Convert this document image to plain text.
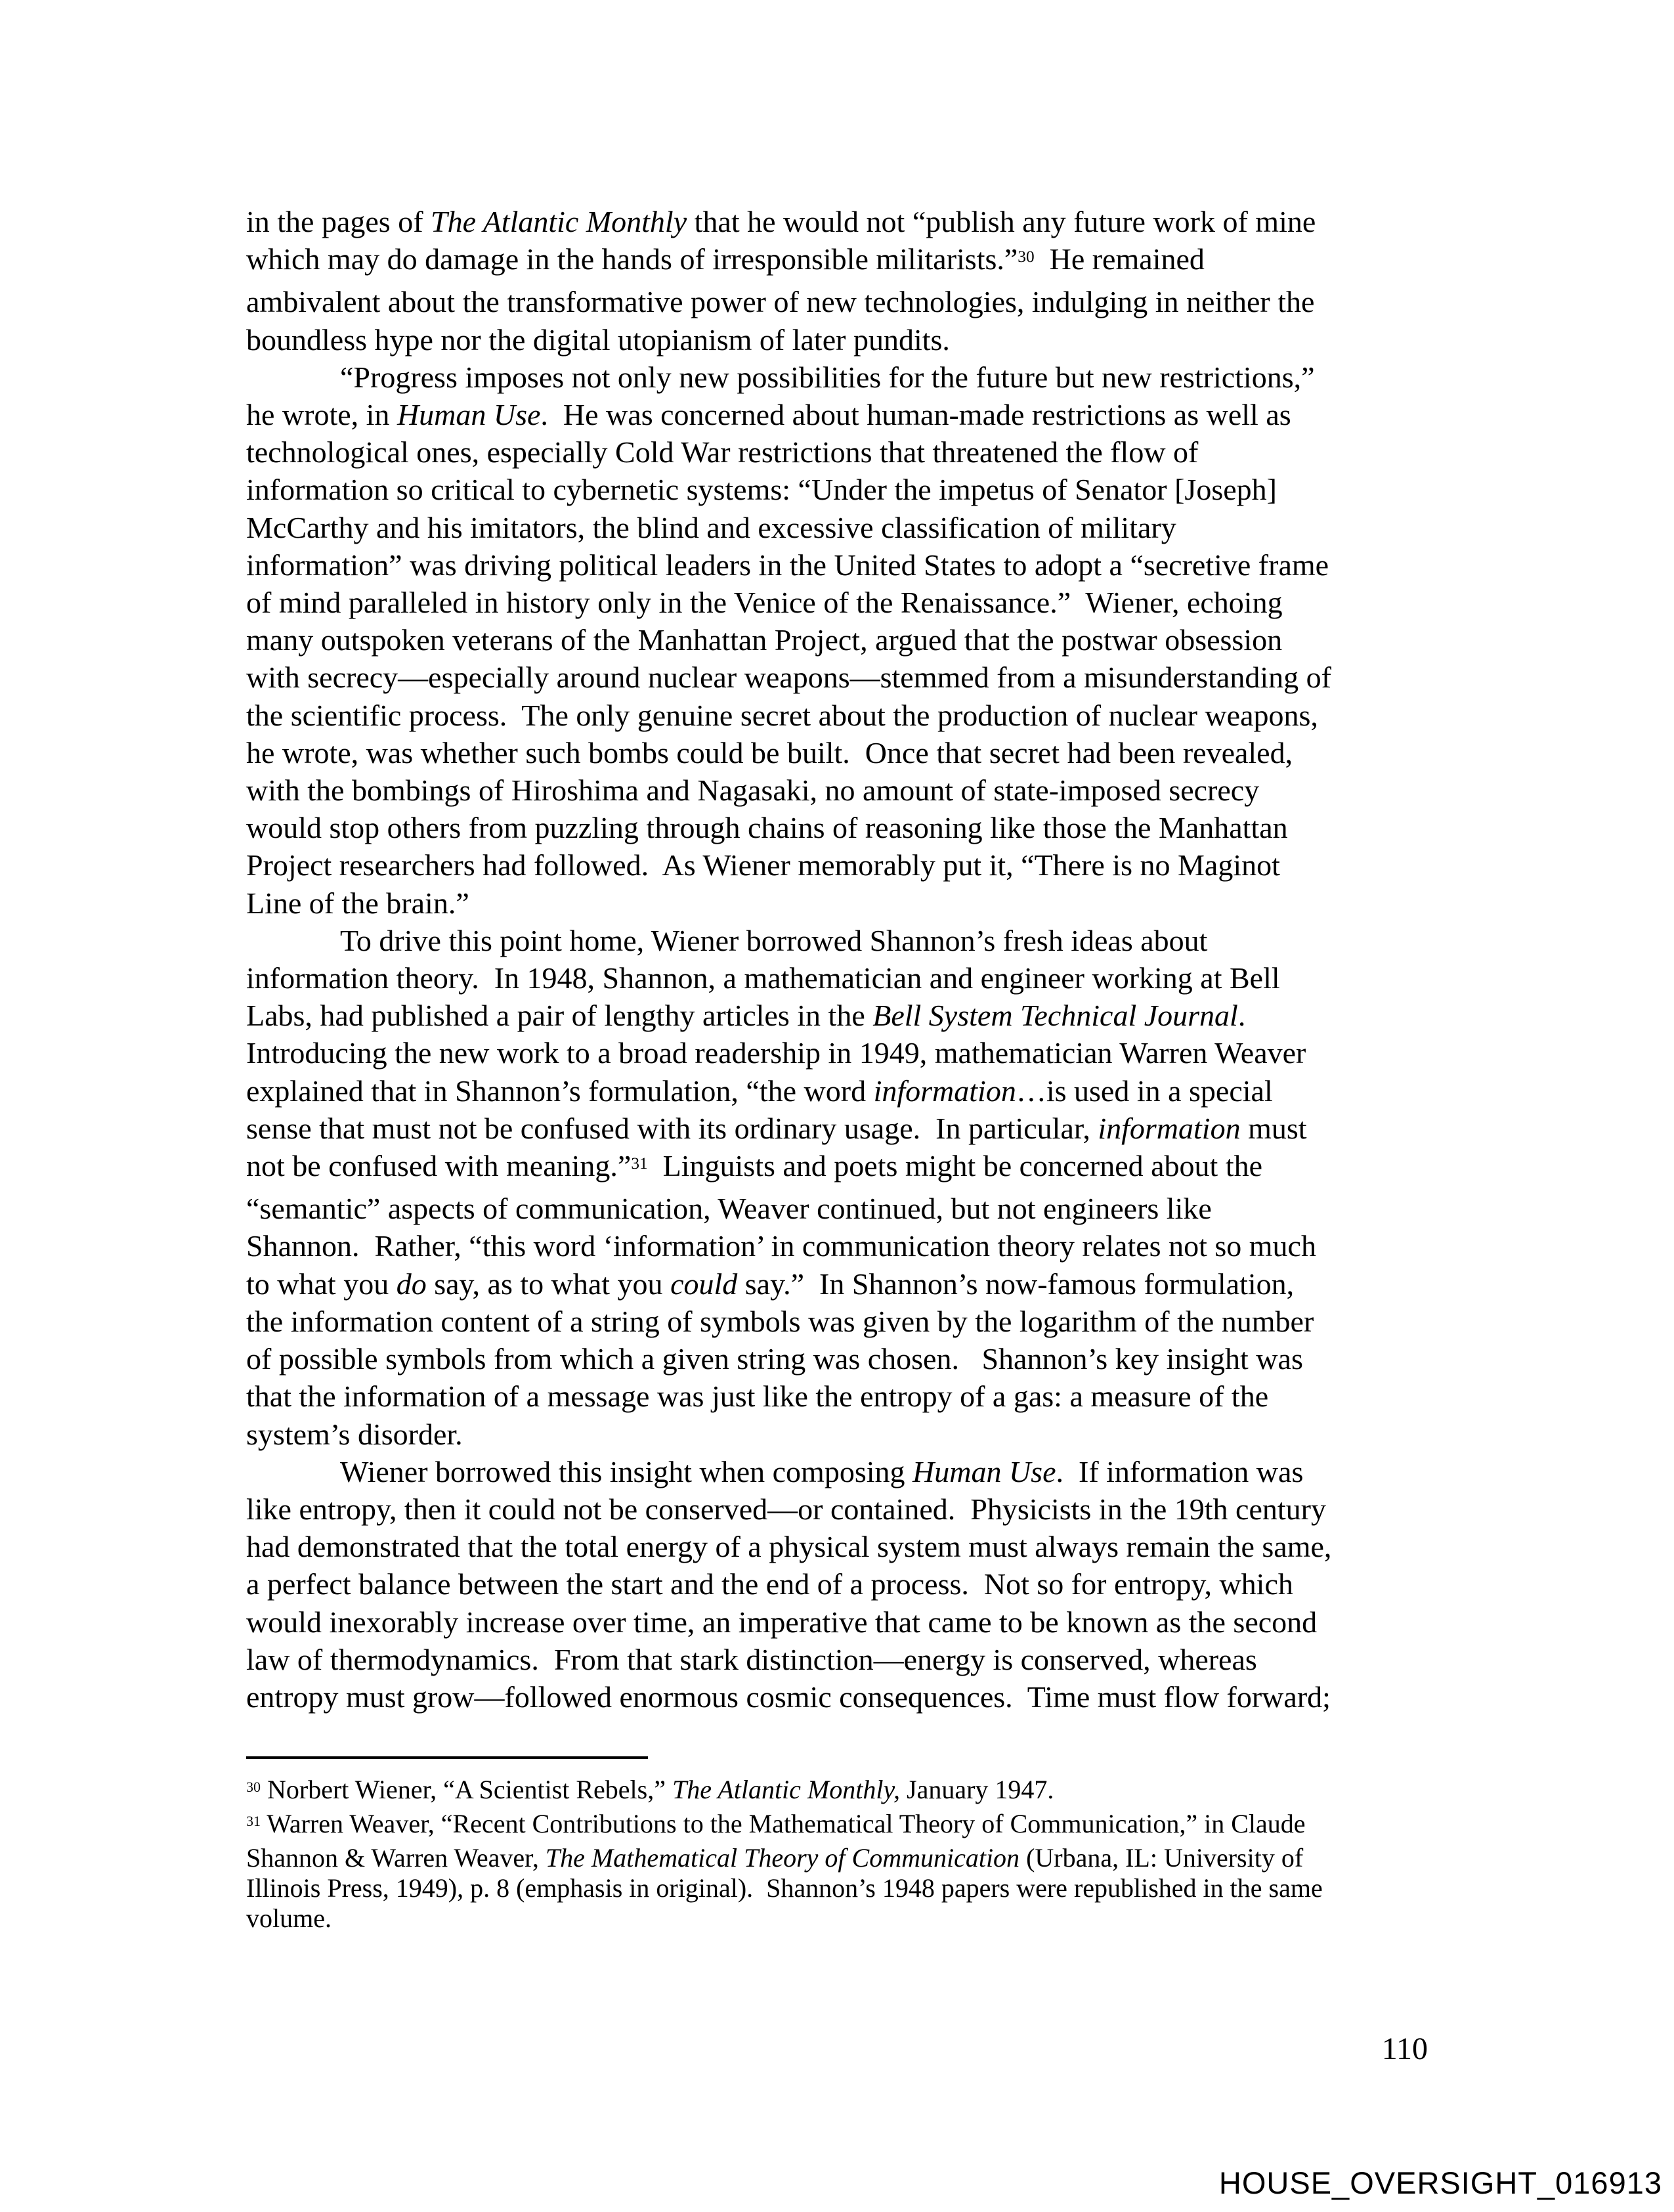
in the pages of The Atlantic Monthly that he would not “publish any future work of mine
which may do damage in the hands of irresponsible militarists.”$^{30}$  He remained
ambivalent about the transformative power of new technologies, indulging in neither the
boundless hype nor the digital utopianism of later pundits.
“Progress imposes not only new possibilities for the future but new restrictions,”
he wrote, in Human Use.  He was concerned about human-made restrictions as well as
technological ones, especially Cold War restrictions that threatened the flow of
information so critical to cybernetic systems: “Under the impetus of Senator [Joseph]
McCarthy and his imitators, the blind and excessive classification of military
information” was driving political leaders in the United States to adopt a “secretive frame
of mind paralleled in history only in the Venice of the Renaissance.”  Wiener, echoing
many outspoken veterans of the Manhattan Project, argued that the postwar obsession
with secrecy—especially around nuclear weapons—stemmed from a misunderstanding of
the scientific process.  The only genuine secret about the production of nuclear weapons,
he wrote, was whether such bombs could be built.  Once that secret had been revealed,
with the bombings of Hiroshima and Nagasaki, no amount of state-imposed secrecy
would stop others from puzzling through chains of reasoning like those the Manhattan
Project researchers had followed.  As Wiener memorably put it, “There is no Maginot
Line of the brain.”
To drive this point home, Wiener borrowed Shannon’s fresh ideas about
information theory.  In 1948, Shannon, a mathematician and engineer working at Bell
Labs, had published a pair of lengthy articles in the Bell System Technical Journal.
Introducing the new work to a broad readership in 1949, mathematician Warren Weaver
explained that in Shannon’s formulation, “the word information…is used in a special
sense that must not be confused with its ordinary usage.  In particular, information must
not be confused with meaning.”$^{31}$  Linguists and poets might be concerned about the
“semantic” aspects of communication, Weaver continued, but not engineers like
Shannon.  Rather, “this word ‘information’ in communication theory relates not so much
to what you do say, as to what you could say.”  In Shannon’s now-famous formulation,
the information content of a string of symbols was given by the logarithm of the number
of possible symbols from which a given string was chosen.   Shannon’s key insight was
that the information of a message was just like the entropy of a gas: a measure of the
system’s disorder.
Wiener borrowed this insight when composing Human Use.  If information was
like entropy, then it could not be conserved—or contained.  Physicists in the 19th century
had demonstrated that the total energy of a physical system must always remain the same,
a perfect balance between the start and the end of a process.  Not so for entropy, which
would inexorably increase over time, an imperative that came to be known as the second
law of thermodynamics.  From that stark distinction—energy is conserved, whereas
entropy must grow—followed enormous cosmic consequences.  Time must flow forward;
$^{30}$ Norbert Wiener, “A Scientist Rebels,” The Atlantic Monthly, January 1947.
$^{31}$ Warren Weaver, “Recent Contributions to the Mathematical Theory of Communication,” in Claude
Shannon & Warren Weaver, The Mathematical Theory of Communication (Urbana, IL: University of
Illinois Press, 1949), p. 8 (emphasis in original).  Shannon’s 1948 papers were republished in the same
volume.
110
HOUSE_OVERSIGHT_016913
